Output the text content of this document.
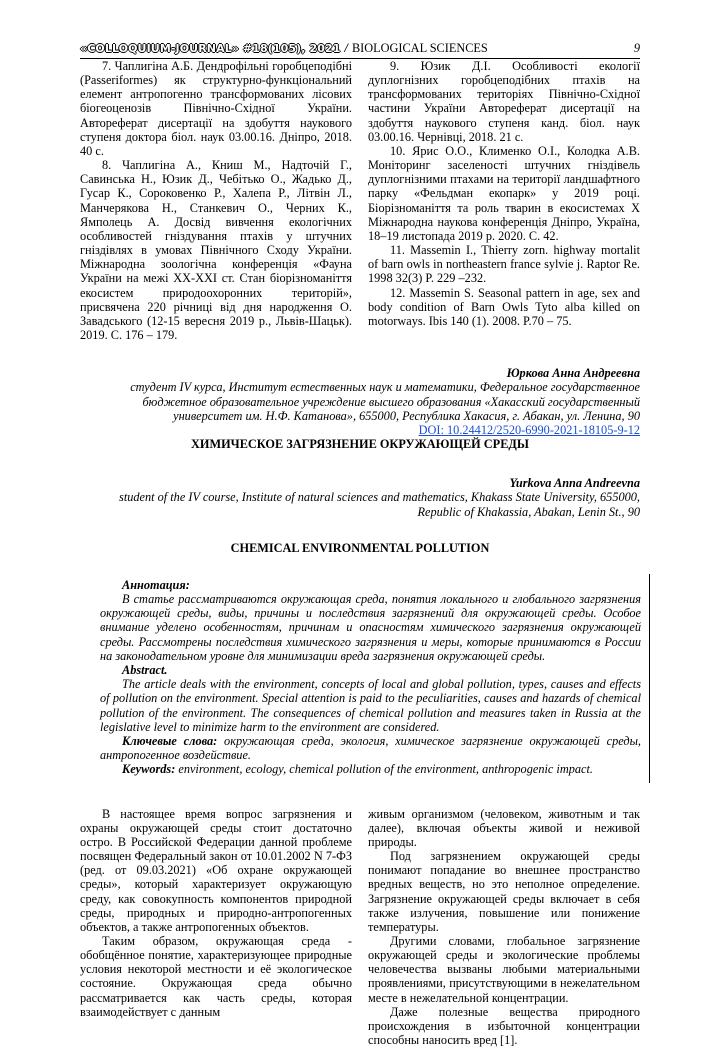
«COLLOQUIUM-JOURNAL» #18(105), 2021 / BIOLOGICAL SCIENCES	9

7. Чаплигіна А.Б. Дендрофільні горобцеподібні (Passeriformes) як структурно-функціональний елемент антропогенно трансформованих лісових біогеоценозів Північно-Східної України. Автореферат дисертації на здобуття наукового ступеня доктора біол. наук 03.00.16. Дніпро, 2018. 40 с.

8. Чаплигіна А., Книш М., Надточій Г., Савинська Н., Юзик Д., Чебітько О., Жадько Д., Гусар К., Сороковенко Р., Халепа Р., Літвін Л., Манчерякова Н., Станкевич О., Черних К., Ямполець А. Досвід вивчення екологічних особливостей гніздування птахів у штучних гніздівлях в умовах Північного Сходу України. Міжнародна зоологічна конференція «Фауна України на межі XX-XXI ст. Стан біорізноманіття екосистем природоохоронних територій», присвячена 220 річниці від дня народження О. Завадського (12-15 вересня 2019 р., Львів-Шацьк). 2019. С. 176 – 179.

9. Юзик Д.І. Особливості екології дуплогнізних горобцеподібних птахів на трансформованих територіях Північно-Східної частини України Автореферат дисертації на здобуття наукового ступеня канд. біол. наук 03.00.16. Чернівці, 2018. 21 с.

10. Ярис О.О., Клименко О.І., Колодка А.В. Моніторинг заселеності штучних гніздівель дуплогнізними птахами на території ландшафтного парку «Фельдман екопарк» у 2019 році. Біорізноманіття та роль тварин в екосистемах X Міжнародна наукова конференція Дніпро, Україна, 18–19 листопада 2019 р. 2020. С. 42.

11. Massemin I., Thierry zorn. highway mortalit of barn owls in northeastern france sylvie j. Raptor Re. 1998 32(3) P. 229 –232.

12. Massemin S. Seasonal pattern in age, sex and body condition of Barn Owls Tyto alba killed on motorways. Ibis 140 (1). 2008. P.70 – 75.

Юркова Анна Андреевна
студент IV курса, Институт естественных наук и математики, Федеральное государственное бюджетное образовательное учреждение высшего образования «Хакасский государственный университет им. Н.Ф. Катанова», 655000, Республика Хакасия, г. Абакан, ул. Ленина, 90
DOI: 10.24412/2520-6990-2021-18105-9-12
ХИМИЧЕСКОЕ ЗАГРЯЗНЕНИЕ ОКРУЖАЮЩЕЙ СРЕДЫ
Yurkova Anna Andreevna
student of the IV course, Institute of natural sciences and mathematics, Khakass State University, 655000, Republic of Khakassia, Abakan, Lenin St., 90
CHEMICAL ENVIRONMENTAL POLLUTION
Аннотация:

В статье рассматриваются окружающая среда, понятия локального и глобального загрязнения окружающей среды, виды, причины и последствия загрязнений для окружающей среды. Особое внимание уделено особенностям, причинам и опасностям химического загрязнения окружающей среды. Рассмотрены последствия химического загрязнения и меры, которые принимаются в России на законодательном уровне для минимизации вреда загрязнения окружающей среды.

Abstract.

The article deals with the environment, concepts of local and global pollution, types, causes and effects of pollution on the environment. Special attention is paid to the peculiarities, causes and hazards of chemical pollution of the environment. The consequences of chemical pollution and measures taken in Russia at the legislative level to minimize harm to the environment are considered.

Ключевые слова: окружающая среда, экология, химическое загрязнение окружающей среды, антропогенное воздействие.

Keywords: environment, ecology, chemical pollution of the environment, anthropogenic impact.

В настоящее время вопрос загрязнения и охраны окружающей среды стоит достаточно остро. В Российской Федерации данной проблеме посвящен Федеральный закон от 10.01.2002 N 7-ФЗ (ред. от 09.03.2021) «Об охране окружающей среды», который характеризует окружающую среду, как совокупность компонентов природной среды, природных и природно-антропогенных объектов, а также антропогенных объектов.

Таким образом, окружающая среда - обобщённое понятие, характеризующее природные условия некоторой местности и её экологическое состояние. Окружающая среда обычно рассматривается как часть среды, которая взаимодействует с данным

живым организмом (человеком, животным и так далее), включая объекты живой и неживой природы.

Под загрязнением окружающей среды понимают попадание во внешнее пространство вредных веществ, но это неполное определение. Загрязнение окружающей среды включает в себя также излучения, повышение или понижение температуры.

Другими словами, глобальное загрязнение окружающей среды и экологические проблемы человечества вызваны любыми материальными проявлениями, присутствующими в нежелательном месте в нежелательной концентрации.

Даже полезные вещества природного происхождения в избыточной концентрации способны наносить вред [1].
